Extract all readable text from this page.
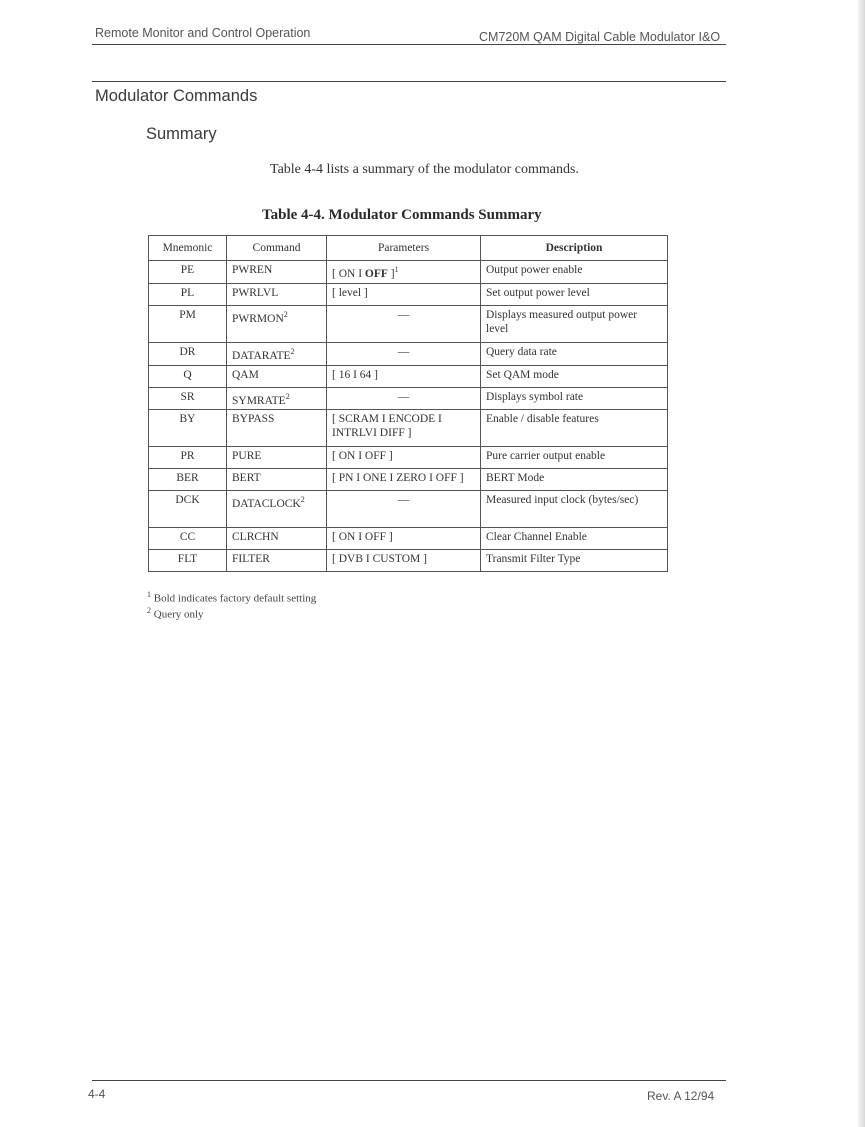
Remote Monitor and Control Operation	CM720M QAM Digital Cable Modulator I&O
Modulator Commands
Summary
Table 4-4 lists a summary of the modulator commands.
Table 4-4. Modulator Commands Summary
Mnemonic	Command	Parameters	Description
PE	PWREN	[ ON I OFF ]$^1$	Output power enable
PL	PWRLVL	[ level ]	Set output power level
PM	PWRMON$^2$	—	Displays measured output power level
DR	DATARATE$^2$	—	Query data rate
Q	QAM	[ 16 I 64 ]	Set QAM mode
SR	SYMRATE$^2$	—	Displays symbol rate
BY	BYPASS	[ SCRAM I ENCODE I INTRLVI DIFF ]	Enable / disable features
PR	PURE	[ ON I OFF ]	Pure carrier output enable
BER	BERT	[ PN I ONE I ZERO I OFF ]	BERT Mode
DCK	DATACLOCK$^2$	—	Measured input clock (bytes/sec)
CC	CLRCHN	[ ON I OFF ]	Clear Channel Enable
FLT	FILTER	[ DVB I CUSTOM ]	Transmit Filter Type
$^1$ Bold indicates factory default setting
$^2$ Query only
4-4	Rev. A 12/94
